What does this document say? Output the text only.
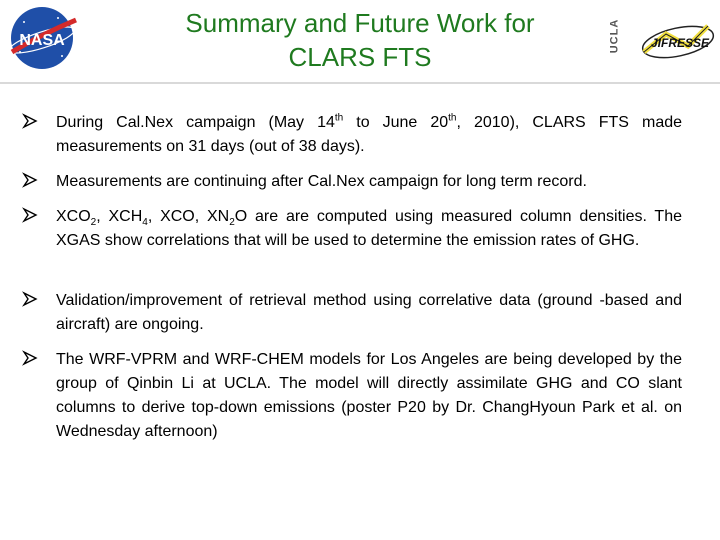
NASA
Summary and Future Work for
CLARS FTS
UCLA	JIFRESSE
During Cal.Nex campaign (May 14th to June 20th, 2010), CLARS FTS made measurements on 31 days (out of 38 days).
Measurements are continuing after Cal.Nex campaign for long term record.
$XCO_2$, $XCH_4$, XCO, $XN_2O$ are are computed using measured column densities. The XGAS show correlations that will be used to determine the emission rates of GHG.
Validation/improvement of retrieval method using correlative data (ground -based and aircraft) are ongoing.
The WRF-VPRM and WRF-CHEM models for Los Angeles are being developed by the group of Qinbin Li at UCLA. The model will directly assimilate GHG and CO slant columns to derive top-down emissions (poster P20 by Dr. ChangHyoun Park et al. on Wednesday afternoon)
